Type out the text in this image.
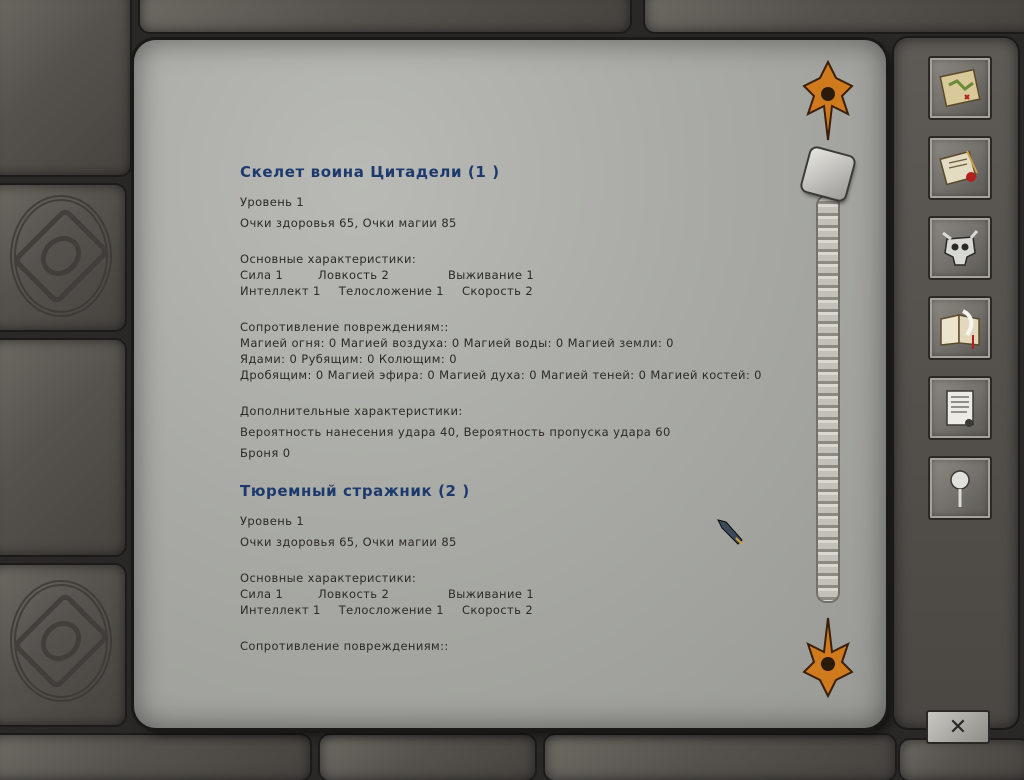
Скелет воина Цитадели (1 )

Уровень 1

Очки здоровья 65, Очки магии 85

Основные характеристики:

Сила 1	Ловкость 2	Выживание 1
Интеллект 1 Телосложение 1 Скорость 2

Сопротивление повреждениям::

Магией огня: 0 Магией воздуха: 0 Магией воды: 0 Магией земли: 0

Ядами: 0 Рубящим: 0 Колющим: 0

Дробящим: 0 Магией эфира: 0 Магией духа: 0 Магией теней: 0 Магией костей: 0

Дополнительные характеристики:

Вероятность нанесения удара 40, Вероятность пропуска удара 60

Броня 0

Тюремный стражник (2 )

Уровень 1

Очки здоровья 65, Очки магии 85

Основные характеристики:

Сила 1	Ловкость 2	Выживание 1
Интеллект 1 Телосложение 1 Скорость 2

Сопротивление повреждениям::

✕
